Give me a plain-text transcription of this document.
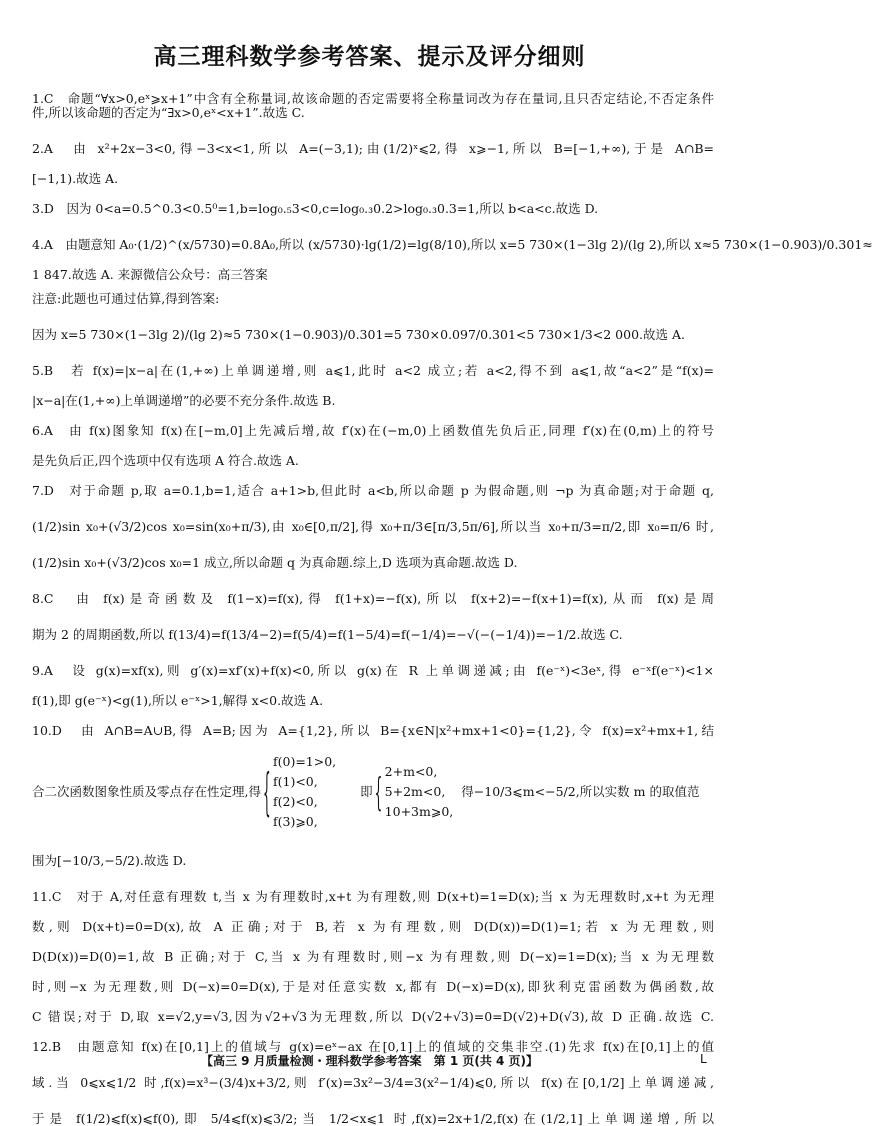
高三理科数学参考答案、提示及评分细则
1.C　命题“∀x>0,eˣ⩾x+1”中含有全称量词,故该命题的否定需要将全称量词改为存在量词,且只否定结论,不否定条件
件,所以该命题的否定为“∃x>0,eˣ<x+1”.故选 C.
2.A　由 x²+2x−3<0,得−3<x<1,所以 A=(−3,1);由(1/2)ˣ⩽2,得 x⩾−1,所以 B=[−1,+∞),于是 A∩B=
[−1,1).故选 A.
3.D　因为 0<a=0.5^0.3<0.5⁰=1,b=log₀.₅3<0,c=log₀.₃0.2>log₀.₃0.3=1,所以 b<a<c.故选 D.
4.A　由题意知 A₀·(1/2)^(x/5730)=0.8A₀,所以 (x/5730)·lg(1/2)=lg(8/10),所以 x=5 730×(1−3lg 2)/(lg 2),所以 x≈5 730×(1−0.903)/0.301≈
1 847.故选 A. 来源微信公众号：高三答案
注意:此题也可通过估算,得到答案:
因为 x=5 730×(1−3lg 2)/(lg 2)≈5 730×(1−0.903)/0.301=5 730×0.097/0.301<5 730×1/3<2 000.故选 A.
5.B　若 f(x)=|x−a|在(1,+∞)上单调递增,则 a⩽1,此时 a<2 成立;若 a<2,得不到 a⩽1,故“a<2”是“f(x)=
|x−a|在(1,+∞)上单调递增”的必要不充分条件.故选 B.
6.A　由 f(x)图象知 f(x)在[−m,0]上先减后增,故 f′(x)在(−m,0)上函数值先负后正,同理 f′(x)在(0,m)上的符号
是先负后正,四个选项中仅有选项 A 符合.故选 A.
7.D　对于命题 p,取 a=0.1,b=1,适合 a+1>b,但此时 a<b,所以命题 p 为假命题,则 ¬p 为真命题;对于命题 q,
(1/2)sin x₀+(√3/2)cos x₀=sin(x₀+π/3),由 x₀∈[0,π/2],得 x₀+π/3∈[π/3,5π/6],所以当 x₀+π/3=π/2,即 x₀=π/6 时,
(1/2)sin x₀+(√3/2)cos x₀=1 成立,所以命题 q 为真命题.综上,D 选项为真命题.故选 D.
8.C　由 f(x)是奇函数及 f(1−x)=f(x),得 f(1+x)=−f(x),所以 f(x+2)=−f(x+1)=f(x),从而 f(x)是周
期为 2 的周期函数,所以 f(13/4)=f(13/4−2)=f(5/4)=f(1−5/4)=f(−1/4)=−√(−(−1/4))=−1/2.故选 C.
9.A　设 g(x)=xf(x),则 g′(x)=xf′(x)+f(x)<0,所以 g(x)在 R 上单调递减;由 f(e⁻ˣ)<3eˣ,得 e⁻ˣf(e⁻ˣ)<1×
f(1),即 g(e⁻ˣ)<g(1),所以 e⁻ˣ>1,解得 x<0.故选 A.
10.D　由 A∩B=A∪B,得 A=B;因为 A={1,2},所以 B={x∈N|x²+mx+1<0}={1,2},令 f(x)=x²+mx+1,结
合二次函数图象性质及零点存在性定理,得 {
f(0)=1>0,
f(1)<0,
f(2)<0,
f(3)⩾0,
即 { 2+m<0,
5+2m<0,
10+3m⩾0,
得−10/3⩽m<−5/2,所以实数 m 的取值范
围为[−10/3,−5/2).故选 D.
11.C　对于 A,对任意有理数 t,当 x 为有理数时,x+t 为有理数,则 D(x+t)=1=D(x);当 x 为无理数时,x+t 为无理
数,则 D(x+t)=0=D(x),故 A 正确;对于 B,若 x 为有理数,则 D(D(x))=D(1)=1;若 x 为无理数,则
D(D(x))=D(0)=1,故 B 正确;对于 C,当 x 为有理数时,则−x 为有理数,则 D(−x)=1=D(x);当 x 为无理数
时,则−x 为无理数,则 D(−x)=0=D(x),于是对任意实数 x,都有 D(−x)=D(x),即狄利克雷函数为偶函数,故
C 错误;对于 D,取 x=√2,y=√3,因为√2+√3为无理数,所以 D(√2+√3)=0=D(√2)+D(√3),故 D 正确.故选 C.
12.B　由题意知 f(x)在[0,1]上的值域与 g(x)=eˣ−ax 在[0,1]上的值域的交集非空.(1)先求 f(x)在[0,1]上的值
域.当 0⩽x⩽1/2 时,f(x)=x³−(3/4)x+3/2,则 f′(x)=3x²−3/4=3(x²−1/4)⩽0,所以 f(x)在[0,1/2]上单调递减,
于是 f(1/2)⩽f(x)⩽f(0),即 5/4⩽f(x)⩽3/2;当 1/2<x⩽1 时,f(x)=2x+1/2,f(x)在(1/2,1]上单调递增,所以
【高三 9 月质量检测・理科数学参考答案　第 1 页(共 4 页)】	L
